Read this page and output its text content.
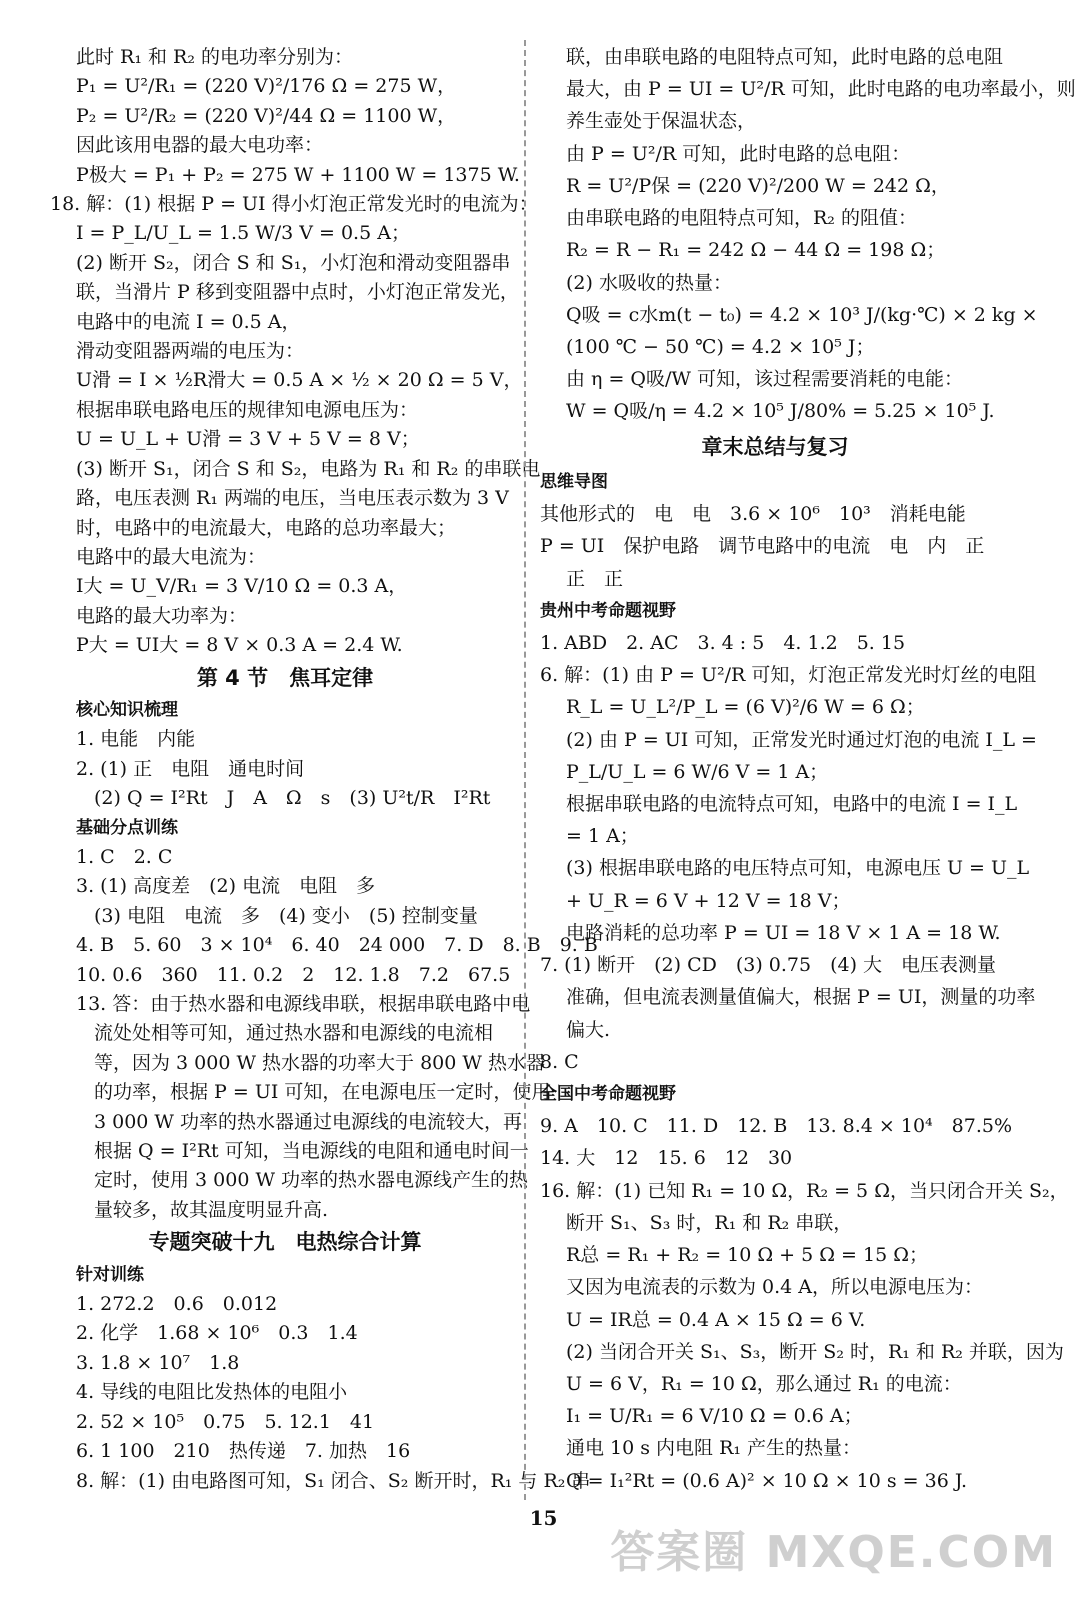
此时 R₁ 和 R₂ 的电功率分别为：
P₁ = U²/R₁ = (220 V)²/176 Ω = 275 W，
P₂ = U²/R₂ = (220 V)²/44 Ω = 1100 W，
因此该用电器的最大电功率：
P极大 = P₁ + P₂ = 275 W + 1100 W = 1375 W.
18. 解：(1) 根据 P = UI 得小灯泡正常发光时的电流为：
I = P_L/U_L = 1.5 W/3 V = 0.5 A；
(2) 断开 S₂，闭合 S 和 S₁，小灯泡和滑动变阻器串
联，当滑片 P 移到变阻器中点时，小灯泡正常发光，
电路中的电流 I = 0.5 A，
滑动变阻器两端的电压为：
U滑 = I × ½R滑大 = 0.5 A × ½ × 20 Ω = 5 V，
根据串联电路电压的规律知电源电压为：
U = U_L + U滑 = 3 V + 5 V = 8 V；
(3) 断开 S₁，闭合 S 和 S₂，电路为 R₁ 和 R₂ 的串联电
路，电压表测 R₁ 两端的电压，当电压表示数为 3 V
时，电路中的电流最大，电路的总功率最大；
电路中的最大电流为：
I大 = U_V/R₁ = 3 V/10 Ω = 0.3 A，
电路的最大功率为：
P大 = UI大 = 8 V × 0.3 A = 2.4 W.
第 4 节　焦耳定律
核心知识梳理
1. 电能　内能
2. (1) 正　电阻　通电时间
(2) Q = I²Rt　J　A　Ω　s　(3) U²t/R　I²Rt
基础分点训练
1. C　2. C
3. (1) 高度差　(2) 电流　电阻　多
(3) 电阻　电流　多　(4) 变小　(5) 控制变量
4. B　5. 60　3 × 10⁴　6. 40　24 000　7. D　8. B　9. B
10. 0.6　360　11. 0.2　2　12. 1.8　7.2　67.5
13. 答：由于热水器和电源线串联，根据串联电路中电
流处处相等可知，通过热水器和电源线的电流相
等，因为 3 000 W 热水器的功率大于 800 W 热水器
的功率，根据 P = UI 可知，在电源电压一定时，使用
3 000 W 功率的热水器通过电源线的电流较大，再
根据 Q = I²Rt 可知，当电源线的电阻和通电时间一
定时，使用 3 000 W 功率的热水器电源线产生的热
量较多，故其温度明显升高.
专题突破十九　电热综合计算
针对训练
1. 272.2　0.6　0.012
2. 化学　1.68 × 10⁶　0.3　1.4
3. 1.8 × 10⁷　1.8
4. 导线的电阻比发热体的电阻小
2. 52 × 10⁵　0.75　5. 12.1　41
6. 1 100　210　热传递　7. 加热　16
8. 解：(1) 由电路图可知，S₁ 闭合、S₂ 断开时，R₁ 与 R₂ 串
联，由串联电路的电阻特点可知，此时电路的总电阻
最大，由 P = UI = U²/R 可知，此时电路的电功率最小，则
养生壶处于保温状态，
由 P = U²/R 可知，此时电路的总电阻：
R = U²/P保 = (220 V)²/200 W = 242 Ω，
由串联电路的电阻特点可知，R₂ 的阻值：
R₂ = R − R₁ = 242 Ω − 44 Ω = 198 Ω；
(2) 水吸收的热量：
Q吸 = c水m(t − t₀) = 4.2 × 10³ J/(kg·℃) × 2 kg ×
(100 ℃ − 50 ℃) = 4.2 × 10⁵ J；
由 η = Q吸/W 可知，该过程需要消耗的电能：
W = Q吸/η = 4.2 × 10⁵ J/80% = 5.25 × 10⁵ J.
章末总结与复习
思维导图
其他形式的　电　电　3.6 × 10⁶　10³　消耗电能
P = UI　保护电路　调节电路中的电流　电　内　正
正　正
贵州中考命题视野
1. ABD　2. AC　3. 4 : 5　4. 1.2　5. 15
6. 解：(1) 由 P = U²/R 可知，灯泡正常发光时灯丝的电阻
R_L = U_L²/P_L = (6 V)²/6 W = 6 Ω；
(2) 由 P = UI 可知，正常发光时通过灯泡的电流 I_L =
P_L/U_L = 6 W/6 V = 1 A；
根据串联电路的电流特点可知，电路中的电流 I = I_L
= 1 A；
(3) 根据串联电路的电压特点可知，电源电压 U = U_L
+ U_R = 6 V + 12 V = 18 V；
电路消耗的总功率 P = UI = 18 V × 1 A = 18 W.
7. (1) 断开　(2) CD　(3) 0.75　(4) 大　电压表测量
准确，但电流表测量值偏大，根据 P = UI，测量的功率
偏大.
8. C
全国中考命题视野
9. A　10. C　11. D　12. B　13. 8.4 × 10⁴　87.5%
14. 大　12　15. 6　12　30
16. 解：(1) 已知 R₁ = 10 Ω，R₂ = 5 Ω，当只闭合开关 S₂，
断开 S₁、S₃ 时，R₁ 和 R₂ 串联，
R总 = R₁ + R₂ = 10 Ω + 5 Ω = 15 Ω；
又因为电流表的示数为 0.4 A，所以电源电压为：
U = IR总 = 0.4 A × 15 Ω = 6 V.
(2) 当闭合开关 S₁、S₃，断开 S₂ 时，R₁ 和 R₂ 并联，因为
U = 6 V，R₁ = 10 Ω，那么通过 R₁ 的电流：
I₁ = U/R₁ = 6 V/10 Ω = 0.6 A；
通电 10 s 内电阻 R₁ 产生的热量：
Q = I₁²Rt = (0.6 A)² × 10 Ω × 10 s = 36 J.
15
答案圈 MXQE.COM
